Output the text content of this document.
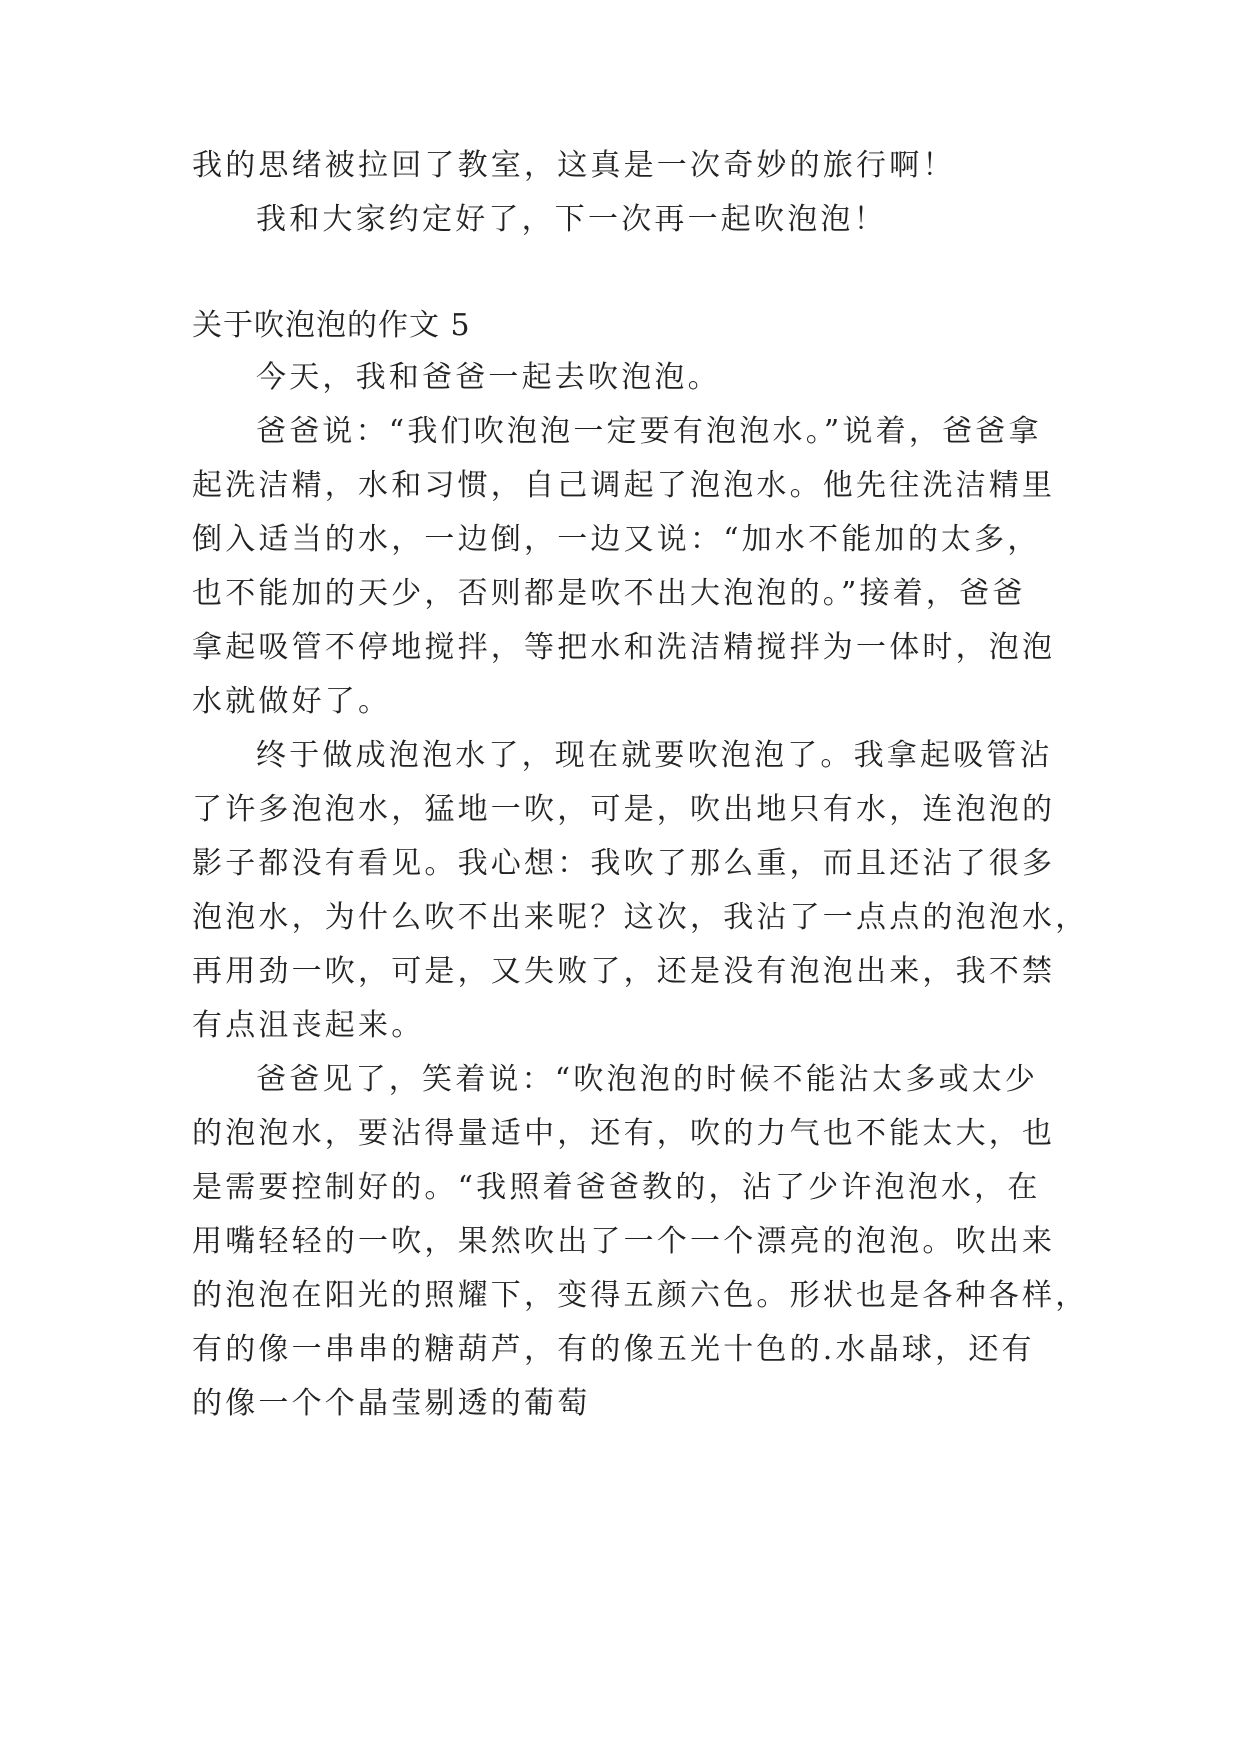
我的思绪被拉回了教室，这真是一次奇妙的旅行啊！
我和大家约定好了，下一次再一起吹泡泡！
关于吹泡泡的作文 5
今天，我和爸爸一起去吹泡泡。
爸爸说：“我们吹泡泡一定要有泡泡水。”说着，爸爸拿
起洗洁精，水和习惯，自己调起了泡泡水。他先往洗洁精里
倒入适当的水，一边倒，一边又说：“加水不能加的太多，
也不能加的天少，否则都是吹不出大泡泡的。”接着，爸爸
拿起吸管不停地搅拌，等把水和洗洁精搅拌为一体时，泡泡
水就做好了。
终于做成泡泡水了，现在就要吹泡泡了。我拿起吸管沾
了许多泡泡水，猛地一吹，可是，吹出地只有水，连泡泡的
影子都没有看见。我心想：我吹了那么重，而且还沾了很多
泡泡水，为什么吹不出来呢？这次，我沾了一点点的泡泡水，
再用劲一吹，可是，又失败了，还是没有泡泡出来，我不禁
有点沮丧起来。
爸爸见了，笑着说：“吹泡泡的时候不能沾太多或太少
的泡泡水，要沾得量适中，还有，吹的力气也不能太大，也
是需要控制好的。“我照着爸爸教的，沾了少许泡泡水，在
用嘴轻轻的一吹，果然吹出了一个一个漂亮的泡泡。吹出来
的泡泡在阳光的照耀下，变得五颜六色。形状也是各种各样，
有的像一串串的糖葫芦，有的像五光十色的.水晶球，还有
的像一个个晶莹剔透的葡萄
